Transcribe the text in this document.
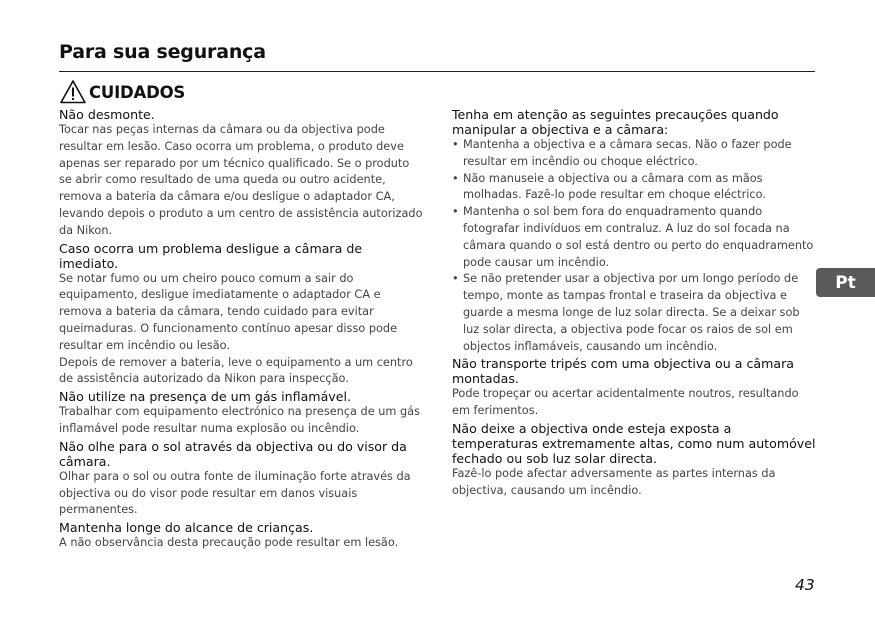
Para sua segurança
CUIDADOS
Não desmonte.
Tocar nas peças internas da câmara ou da objectiva pode resultar em lesão. Caso ocorra um problema, o produto deve apenas ser reparado por um técnico qualificado. Se o produto se abrir como resultado de uma queda ou outro acidente, remova a bateria da câmara e/ou desligue o adaptador CA, levando depois o produto a um centro de assistência autorizado da Nikon.
Caso ocorra um problema desligue a câmara de imediato.
Se notar fumo ou um cheiro pouco comum a sair do equipamento, desligue imediatamente o adaptador CA e remova a bateria da câmara, tendo cuidado para evitar queimaduras. O funcionamento contínuo apesar disso pode resultar em incêndio ou lesão.
Depois de remover a bateria, leve o equipamento a um centro de assistência autorizado da Nikon para inspecção.
Não utilize na presença de um gás inflamável.
Trabalhar com equipamento electrónico na presença de um gás inflamável pode resultar numa explosão ou incêndio.
Não olhe para o sol através da objectiva ou do visor da câmara.
Olhar para o sol ou outra fonte de iluminação forte através da objectiva ou do visor pode resultar em danos visuais permanentes.
Mantenha longe do alcance de crianças.
A não observância desta precaução pode resultar em lesão.
Tenha em atenção as seguintes precauções quando manipular a objectiva e a câmara:
• Mantenha a objectiva e a câmara secas. Não o fazer pode resultar em incêndio ou choque eléctrico.
• Não manuseie a objectiva ou a câmara com as mãos molhadas. Fazê-lo pode resultar em choque eléctrico.
• Mantenha o sol bem fora do enquadramento quando fotografar indivíduos em contraluz. A luz do sol focada na câmara quando o sol está dentro ou perto do enquadramento pode causar um incêndio.
• Se não pretender usar a objectiva por um longo período de tempo, monte as tampas frontal e traseira da objectiva e guarde a mesma longe de luz solar directa. Se a deixar sob luz solar directa, a objectiva pode focar os raios de sol em objectos inflamáveis, causando um incêndio.
Não transporte tripés com uma objectiva ou a câmara montadas.
Pode tropeçar ou acertar acidentalmente noutros, resultando em ferimentos.
Não deixe a objectiva onde esteja exposta a temperaturas extremamente altas, como num automóvel fechado ou sob luz solar directa.
Fazê-lo pode afectar adversamente as partes internas da objectiva, causando um incêndio.
Pt
43
